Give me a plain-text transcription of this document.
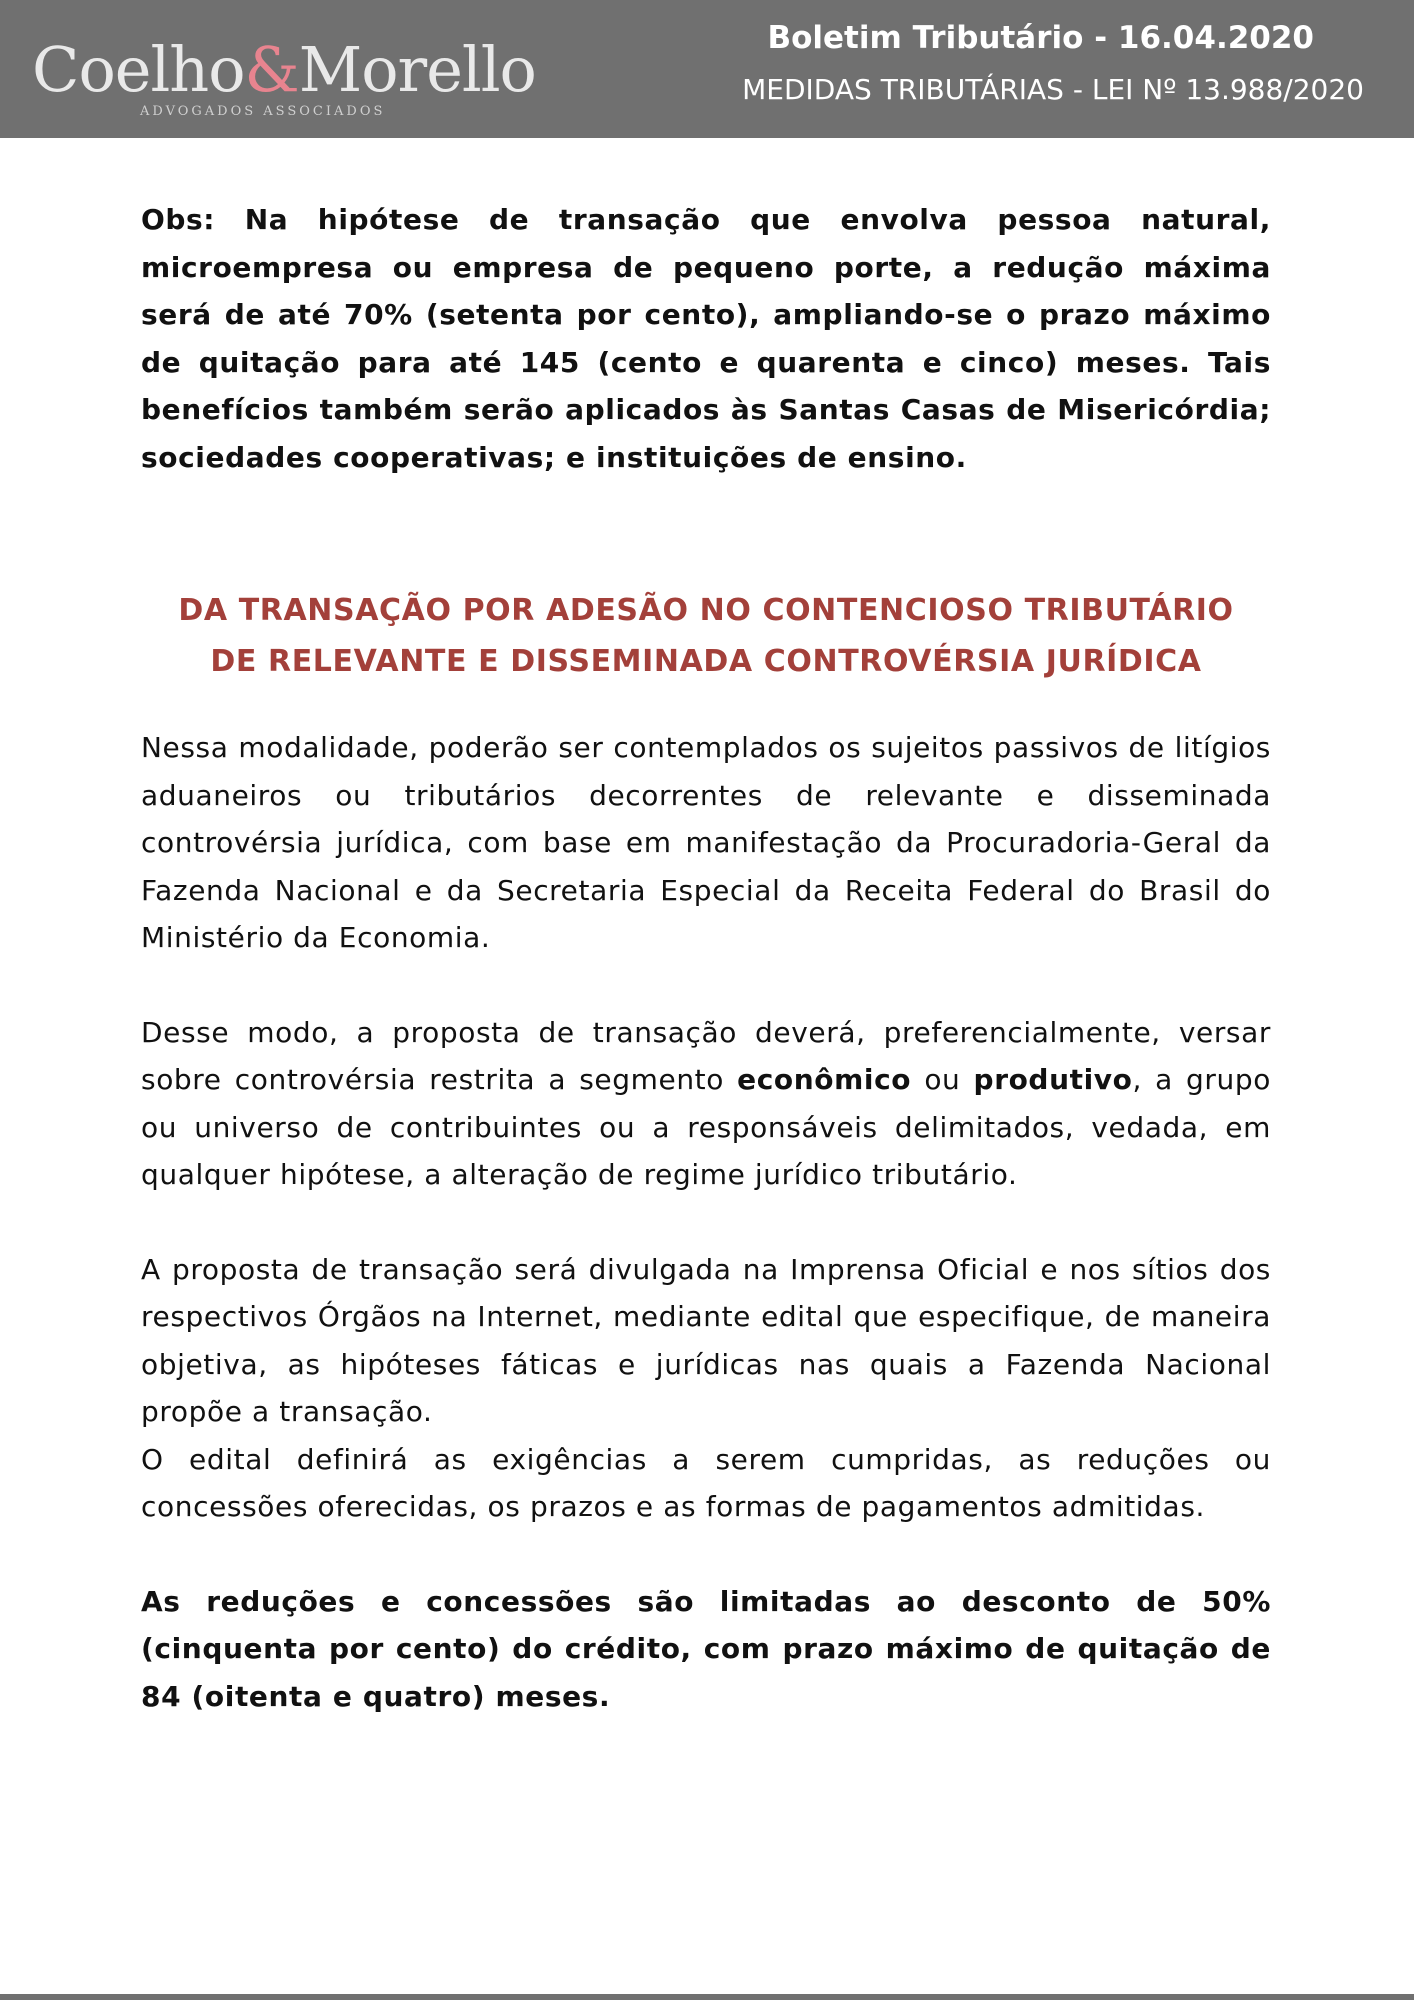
Coelho&Morello
ADVOGADOS ASSOCIADOS
Boletim Tributário - 16.04.2020
MEDIDAS TRIBUTÁRIAS - LEI Nº 13.988/2020

Obs: Na hipótese de transação que envolva pessoa natural, microempresa ou empresa de pequeno porte, a redução máxima será de até 70% (setenta por cento), ampliando-se o prazo máximo de quitação para até 145 (cento e quarenta e cinco) meses. Tais benefícios também serão aplicados às Santas Casas de Misericórdia; sociedades cooperativas; e instituições de ensino.

DA TRANSAÇÃO POR ADESÃO NO CONTENCIOSO TRIBUTÁRIO
DE RELEVANTE E DISSEMINADA CONTROVÉRSIA JURÍDICA

Nessa modalidade, poderão ser contemplados os sujeitos passivos de litígios aduaneiros ou tributários decorrentes de relevante e disseminada controvérsia jurídica, com base em manifestação da Procuradoria-Geral da Fazenda Nacional e da Secretaria Especial da Receita Federal do Brasil do Ministério da Economia.

Desse modo, a proposta de transação deverá, preferencialmente, versar sobre controvérsia restrita a segmento econômico ou produtivo, a grupo ou universo de contribuintes ou a responsáveis delimitados, vedada, em qualquer hipótese, a alteração de regime jurídico tributário.

A proposta de transação será divulgada na Imprensa Oficial e nos sítios dos respectivos Órgãos na Internet, mediante edital que especifique, de maneira objetiva, as hipóteses fáticas e jurídicas nas quais a Fazenda Nacional propõe a transação.

O edital definirá as exigências a serem cumpridas, as reduções ou concessões oferecidas, os prazos e as formas de pagamentos admitidas.

As reduções e concessões são limitadas ao desconto de 50% (cinquenta por cento) do crédito, com prazo máximo de quitação de 84 (oitenta e quatro) meses.
